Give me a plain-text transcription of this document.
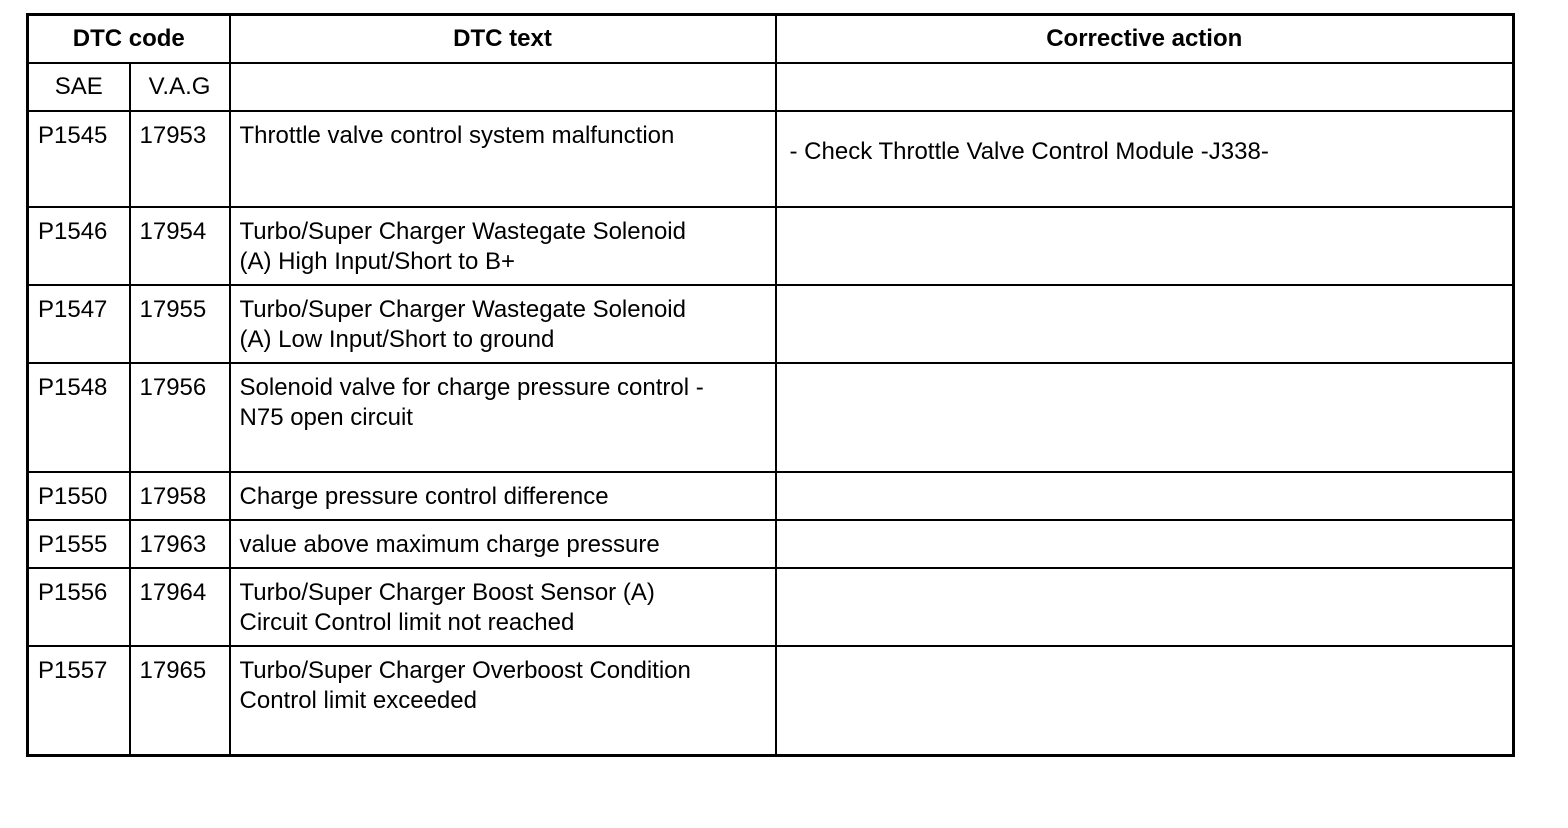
DTC code		DTC text	Corrective action

SAE	V.A.G		

P1545	17953	Throttle valve control system malfunction	- Check Throttle Valve Control Module -J338-

P1546	17954	Turbo/Super Charger Wastegate Solenoid
(A) High Input/Short to B+	

P1547	17955	Turbo/Super Charger Wastegate Solenoid
(A) Low Input/Short to ground	

P1548	17956	Solenoid valve for charge pressure control -
N75 open circuit	

P1550	17958	Charge pressure control difference	

P1555	17963	value above maximum charge pressure	

P1556	17964	Turbo/Super Charger Boost Sensor (A)
Circuit Control limit not reached	

P1557	17965	Turbo/Super Charger Overboost Condition
Control limit exceeded	
